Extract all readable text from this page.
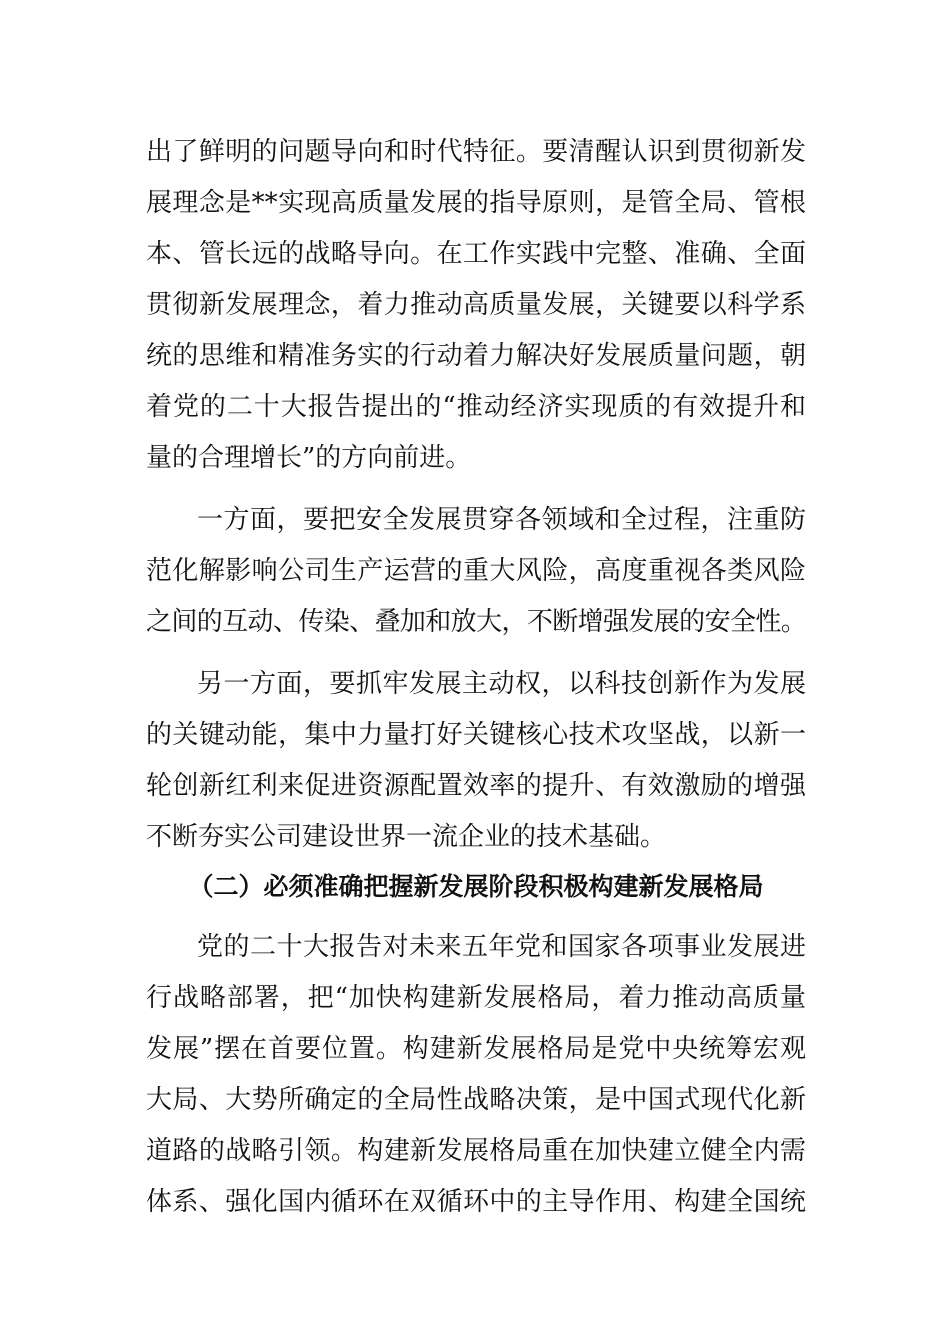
出了鲜明的问题导向和时代特征。要清醒认识到贯彻新发
展理念是**实现高质量发展的指导原则，是管全局、管根
本、管长远的战略导向。在工作实践中完整、准确、全面
贯彻新发展理念，着力推动高质量发展，关键要以科学系
统的思维和精准务实的行动着力解决好发展质量问题，朝
着党的二十大报告提出的“推动经济实现质的有效提升和
量的合理增长”的方向前进。
一方面，要把安全发展贯穿各领域和全过程，注重防
范化解影响公司生产运营的重大风险，高度重视各类风险
之间的互动、传染、叠加和放大，不断增强发展的安全性。
另一方面，要抓牢发展主动权，以科技创新作为发展
的关键动能，集中力量打好关键核心技术攻坚战，以新一
轮创新红利来促进资源配置效率的提升、有效激励的增强
不断夯实公司建设世界一流企业的技术基础。
（二）必须准确把握新发展阶段积极构建新发展格局
党的二十大报告对未来五年党和国家各项事业发展进
行战略部署，把“加快构建新发展格局，着力推动高质量
发展”摆在首要位置。构建新发展格局是党中央统筹宏观
大局、大势所确定的全局性战略决策，是中国式现代化新
道路的战略引领。构建新发展格局重在加快建立健全内需
体系、强化国内循环在双循环中的主导作用、构建全国统
